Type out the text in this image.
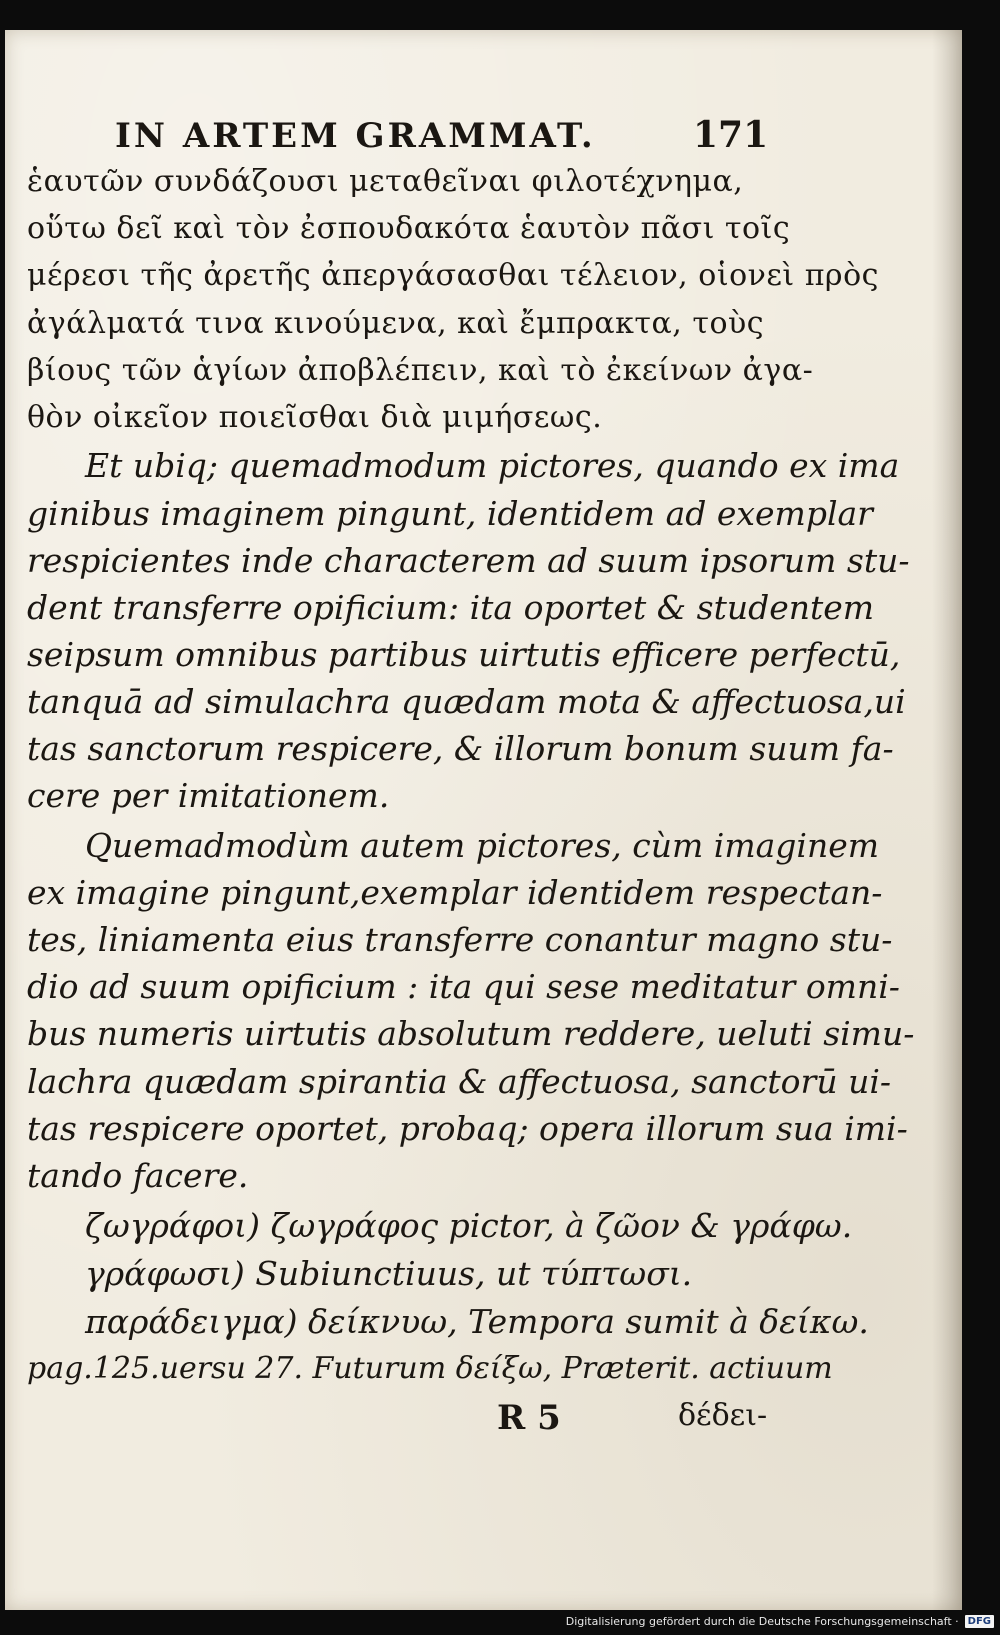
IN ARTEM GRAMMAT.	171
ἑαυτῶν συνδάζουσι μεταθεῖναι φιλοτέχνημα,
οὕτω δεῖ καὶ τὸν ἐσπουδακότα ἑαυτὸν πᾶσι τοῖς
μέρεσι τῆς ἀρετῆς ἀπεργάσασθαι τέλειον, οἱονεὶ πρὸς
ἀγάλματά τινα κινούμενα, καὶ ἔμπρακτα, τοὺς
βίους τῶν ἁγίων ἀποβλέπειν, καὶ τὸ ἐκείνων ἀγα-
θὸν οἰκεῖον ποιεῖσθαι διὰ μιμήσεως.
Et ubiq; quemadmodum pictores, quando ex ima
ginibus imaginem pingunt, identidem ad exemplar
respicientes inde characterem ad suum ipsorum stu-
dent transferre opificium: ita oportet & studentem
seipsum omnibus partibus uirtutis efficere perfectū,
tanquā ad simulachra quædam mota & affectuosa,ui
tas sanctorum respicere, & illorum bonum suum fa-
cere per imitationem.
Quemadmodùm autem pictores, cùm imaginem
ex imagine pingunt,exemplar identidem respectan-
tes, liniamenta eius transferre conantur magno stu-
dio ad suum opificium : ita qui sese meditatur omni-
bus numeris uirtutis absolutum reddere, ueluti simu-
lachra quædam spirantia & affectuosa, sanctorū ui-
tas respicere oportet, probaq; opera illorum sua imi-
tando facere.
ζωγράφοι) ζωγράφος pictor, à ζῶον & γράφω.
γράφωσι) Subiunctiuus, ut τύπτωσι.
παράδειγμα) δείκνυω, Tempora sumit à δείκω.
pag.125.uersu 27. Futurum δείξω, Præterit. actiuum
R 5	δέδει-
Digitalisierung gefördert durch die Deutsche Forschungsgemeinschaft · DFG
